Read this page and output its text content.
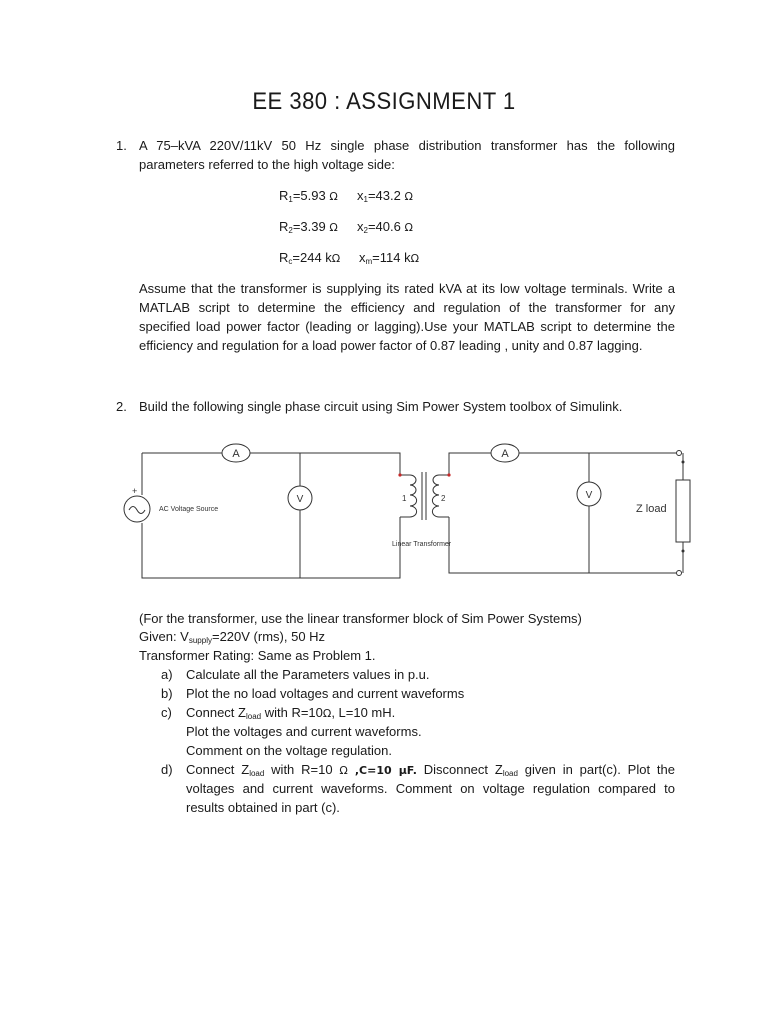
EE 380 : ASSIGNMENT 1
1. A 75–kVA 220V/11kV 50 Hz single phase distribution transformer has the following
parameters referred to the high voltage side:
$R_1=5.93$ Ω $x_1=43.2$ Ω
$R_2=3.39$ Ω $x_2=40.6$ Ω
$R_c=244$ kΩ $x_m=114$ kΩ
Assume that the transformer is supplying its rated kVA at its low voltage terminals. Write a
MATLAB script to determine the efficiency and regulation of the transformer for any
specified load power factor (leading or lagging).Use your MATLAB script to determine the
efficiency and regulation for a load power factor of 0.87 leading , unity and 0.87 lagging.
2. Build the following single phase circuit using Sim Power System toolbox of Simulink.
1	2
Linear Transformer
A	A
V	V
+
AC Voltage Source	Z load
(For the transformer, use the linear transformer block of Sim Power Systems)
Given: $V_{supply}=220V$ (rms), 50 Hz
Transformer Rating: Same as Problem 1.
a) Calculate all the Parameters values in p.u.
b) Plot the no load voltages and current waveforms
c) Connect $Z_{load}$ with R=10Ω, L=10 mH.
Plot the voltages and current waveforms.
Comment on the voltage regulation.
d) Connect $Z_{load}$ with R=10 Ω ,C=10 μF. Disconnect $Z_{load}$ given in part(c). Plot the
voltages and current waveforms. Comment on voltage regulation compared to
results obtained in part (c).
